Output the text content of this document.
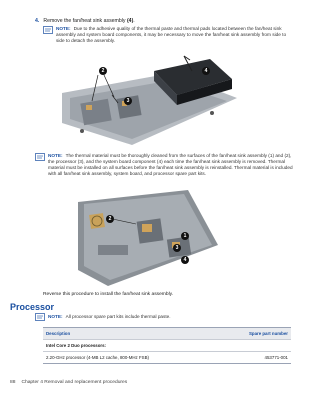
4. Remove the fan/heat sink assembly (4).
NOTE: Due to the adhesive quality of the thermal paste and thermal pads located between the fan/heat sink assembly and system board components, it may be necessary to move the fan/heat sink assembly from side to side to detach the assembly.
2	4
3
NOTE: The thermal material must be thoroughly cleaned from the surfaces of the fan/heat sink assembly (1) and (2), the processor (3), and the system board component (4) each time the fan/heat sink assembly is removed. Thermal material must be installed on all surfaces before the fan/heat sink assembly is reinstalled. Thermal material is included with all fan/heat sink assembly, system board, and processor spare part kits.
2
1
3
4
Reverse this procedure to install the fan/heat sink assembly.
Processor
NOTE: All processor spare part kits include thermal paste.
Description	Spare part number
Intel Core 2 Duo processors:
2.20-GHz processor (4-MB L2 cache, 800-MHz FSB)	453771-001
88 Chapter 4 Removal and replacement procedures
